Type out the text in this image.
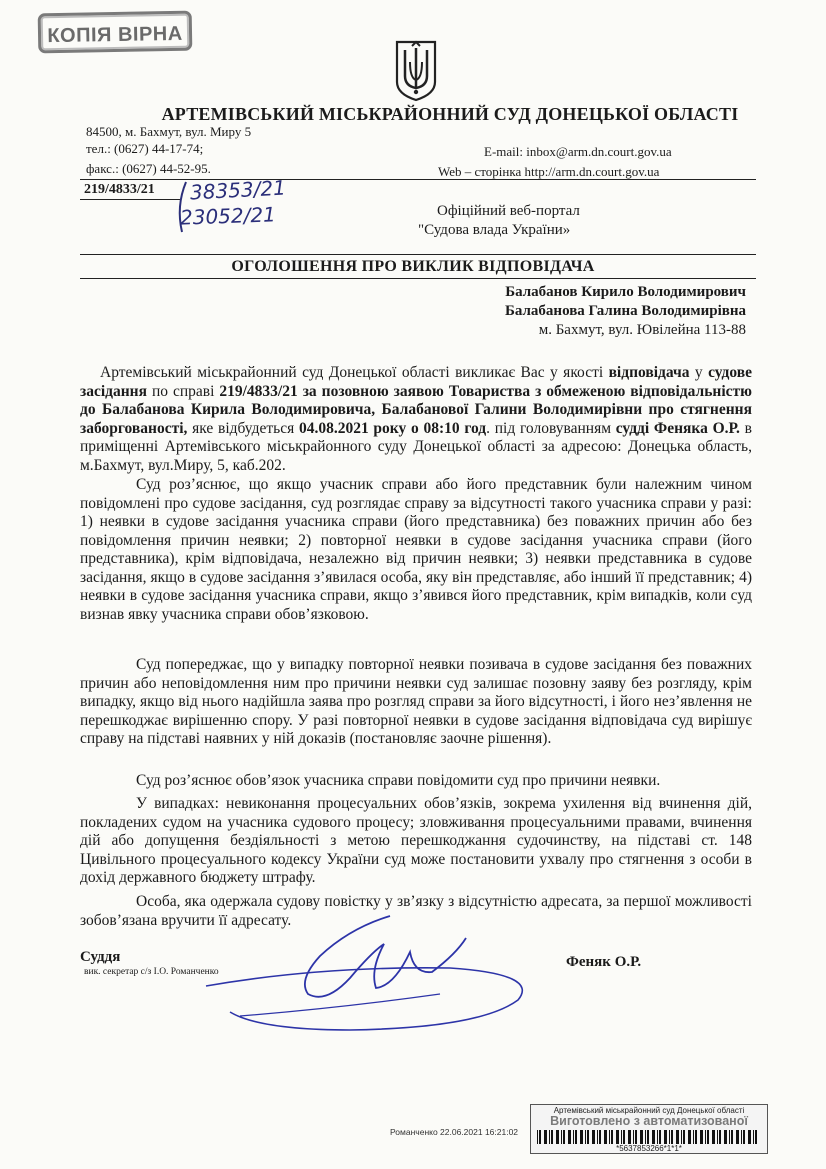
КОПІЯ ВІРНА
АРТЕМІВСЬКИЙ МІСЬКРАЙОННИЙ СУД ДОНЕЦЬКОЇ ОБЛАСТІ
84500, м. Бахмут, вул. Миру 5
тел.: (0627) 44-17-74;
факс.: (0627) 44-52-95.
E-mail: inbox@arm.dn.court.gov.ua
Web – сторінка http://arm.dn.court.gov.ua
219/4833/21 38353/21
23052/21	Офіційний веб-портал
"Судова влада України»
ОГОЛОШЕННЯ ПРО ВИКЛИК ВІДПОВІДАЧА
Балабанов Кирило Володимирович
Балабанова Галина Володимирівна
м. Бахмут, вул. Ювілейна 113-88
Артемівський міськрайонний суд Донецької області викликає Вас у якості відповідача у судове засідання по справі 219/4833/21 за позовною заявою Товариства з обмеженою відповідальністю до Балабанова Кирила Володимировича, Балабанової Галини Володимирівни про стягнення заборгованості, яке відбудеться 04.08.2021 року о 08:10 год. під головуванням судді Феняка О.Р. в приміщенні Артемівського міськрайонного суду Донецької області за адресою: Донецька область, м.Бахмут, вул.Миру, 5, каб.202.
Суд роз’яснює, що якщо учасник справи або його представник були належним чином повідомлені про судове засідання, суд розглядає справу за відсутності такого учасника справи у разі: 1) неявки в судове засідання учасника справи (його представника) без поважних причин або без повідомлення причин неявки; 2) повторної неявки в судове засідання учасника справи (його представника), крім відповідача, незалежно від причин неявки; 3) неявки представника в судове засідання, якщо в судове засідання з’явилася особа, яку він представляє, або інший її представник; 4) неявки в судове засідання учасника справи, якщо з’явився його представник, крім випадків, коли суд визнав явку учасника справи обов’язковою.
Суд попереджає, що у випадку повторної неявки позивача в судове засідання без поважних причин або неповідомлення ним про причини неявки суд залишає позовну заяву без розгляду, крім випадку, якщо від нього надійшла заява про розгляд справи за його відсутності, і його нез’явлення не перешкоджає вирішенню спору. У разі повторної неявки в судове засідання відповідача суд вирішує справу на підставі наявних у ній доказів (постановляє заочне рішення).
Суд роз’яснює обов’язок учасника справи повідомити суд про причини неявки.
У випадках: невиконання процесуальних обов’язків, зокрема ухилення від вчинення дій, покладених судом на учасника судового процесу; зловживання процесуальними правами, вчинення дій або допущення бездіяльності з метою перешкоджання судочинству, на підставі ст. 148 Цивільного процесуального кодексу України суд може постановити ухвалу про стягнення з особи в дохід державного бюджету штрафу.
Особа, яка одержала судову повістку у зв’язку з відсутністю адресата, за першої можливості зобов’язана вручити її адресату.
Суддя
вик. секретар с/з І.О. Романченко
Феняк О.Р.
Романченко 22.06.2021 16:21:02
Артемівський міськрайонний суд Донецької області
Виготовлено з автоматизованої
*5637853266*1*1*
